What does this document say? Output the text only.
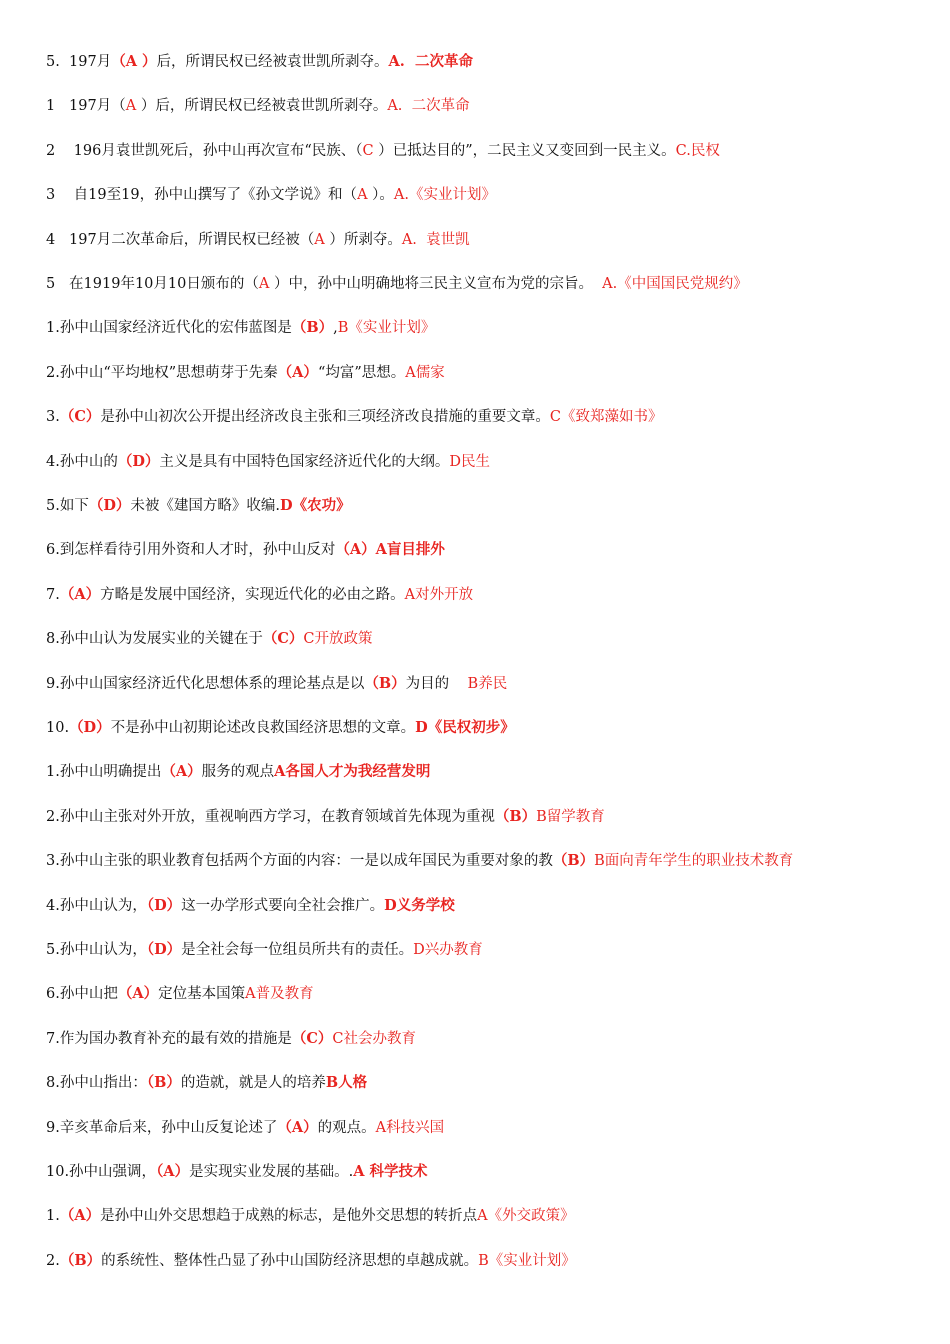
5.  197月（A ）后，所谓民权已经被袁世凯所剥夺。A.  二次革命
1   197月（A ）后，所谓民权已经被袁世凯所剥夺。A.  二次革命
2    196月袁世凯死后，孙中山再次宣布“民族、（C ）已抵达目的”，二民主义又变回到一民主义。C.民权
3    自19至19，孙中山撰写了《孙文学说》和（A ）。A.《实业计划》
4   197月二次革命后，所谓民权已经被（A ）所剥夺。A.  袁世凯
5   在1919年10月10日颁布的（A ）中，孙中山明确地将三民主义宣布为党的宗旨。  A.《中国国民党规约》
1.孙中山国家经济近代化的宏伟蓝图是（B）,B《实业计划》
2.孙中山“平均地权”思想萌芽于先秦（A）“均富”思想。A儒家
3.（C）是孙中山初次公开提出经济改良主张和三项经济改良措施的重要文章。C《致郑藻如书》
4.孙中山的（D）主义是具有中国特色国家经济近代化的大纲。D民生
5.如下（D）未被《建国方略》收编.D《农功》
6.到怎样看待引用外资和人才时，孙中山反对（A）A盲目排外
7.（A）方略是发展中国经济，实现近代化的必由之路。A对外开放
8.孙中山认为发展实业的关键在于（C）C开放政策
9.孙中山国家经济近代化思想体系的理论基点是以（B）为目的    B养民
10.（D）不是孙中山初期论述改良救国经济思想的文章。D《民权初步》
1.孙中山明确提出（A）服务的观点A各国人才为我经营发明
2.孙中山主张对外开放，重视响西方学习，在教育领域首先体现为重视（B）B留学教育
3.孙中山主张的职业教育包括两个方面的内容：一是以成年国民为重要对象的教（B）B面向青年学生的职业技术教育
4.孙中山认为，（D）这一办学形式要向全社会推广。D义务学校
5.孙中山认为，（D）是全社会每一位组员所共有的责任。D兴办教育
6.孙中山把（A）定位基本国策A普及教育
7.作为国办教育补充的最有效的措施是（C）C社会办教育
8.孙中山指出：（B）的造就，就是人的培养B人格
9.辛亥革命后来，孙中山反复论述了（A）的观点。A科技兴国
10.孙中山强调，（A）是实现实业发展的基础。.A 科学技术
1.（A）是孙中山外交思想趋于成熟的标志，是他外交思想的转折点A《外交政策》
2.（B）的系统性、整体性凸显了孙中山国防经济思想的卓越成就。B《实业计划》
